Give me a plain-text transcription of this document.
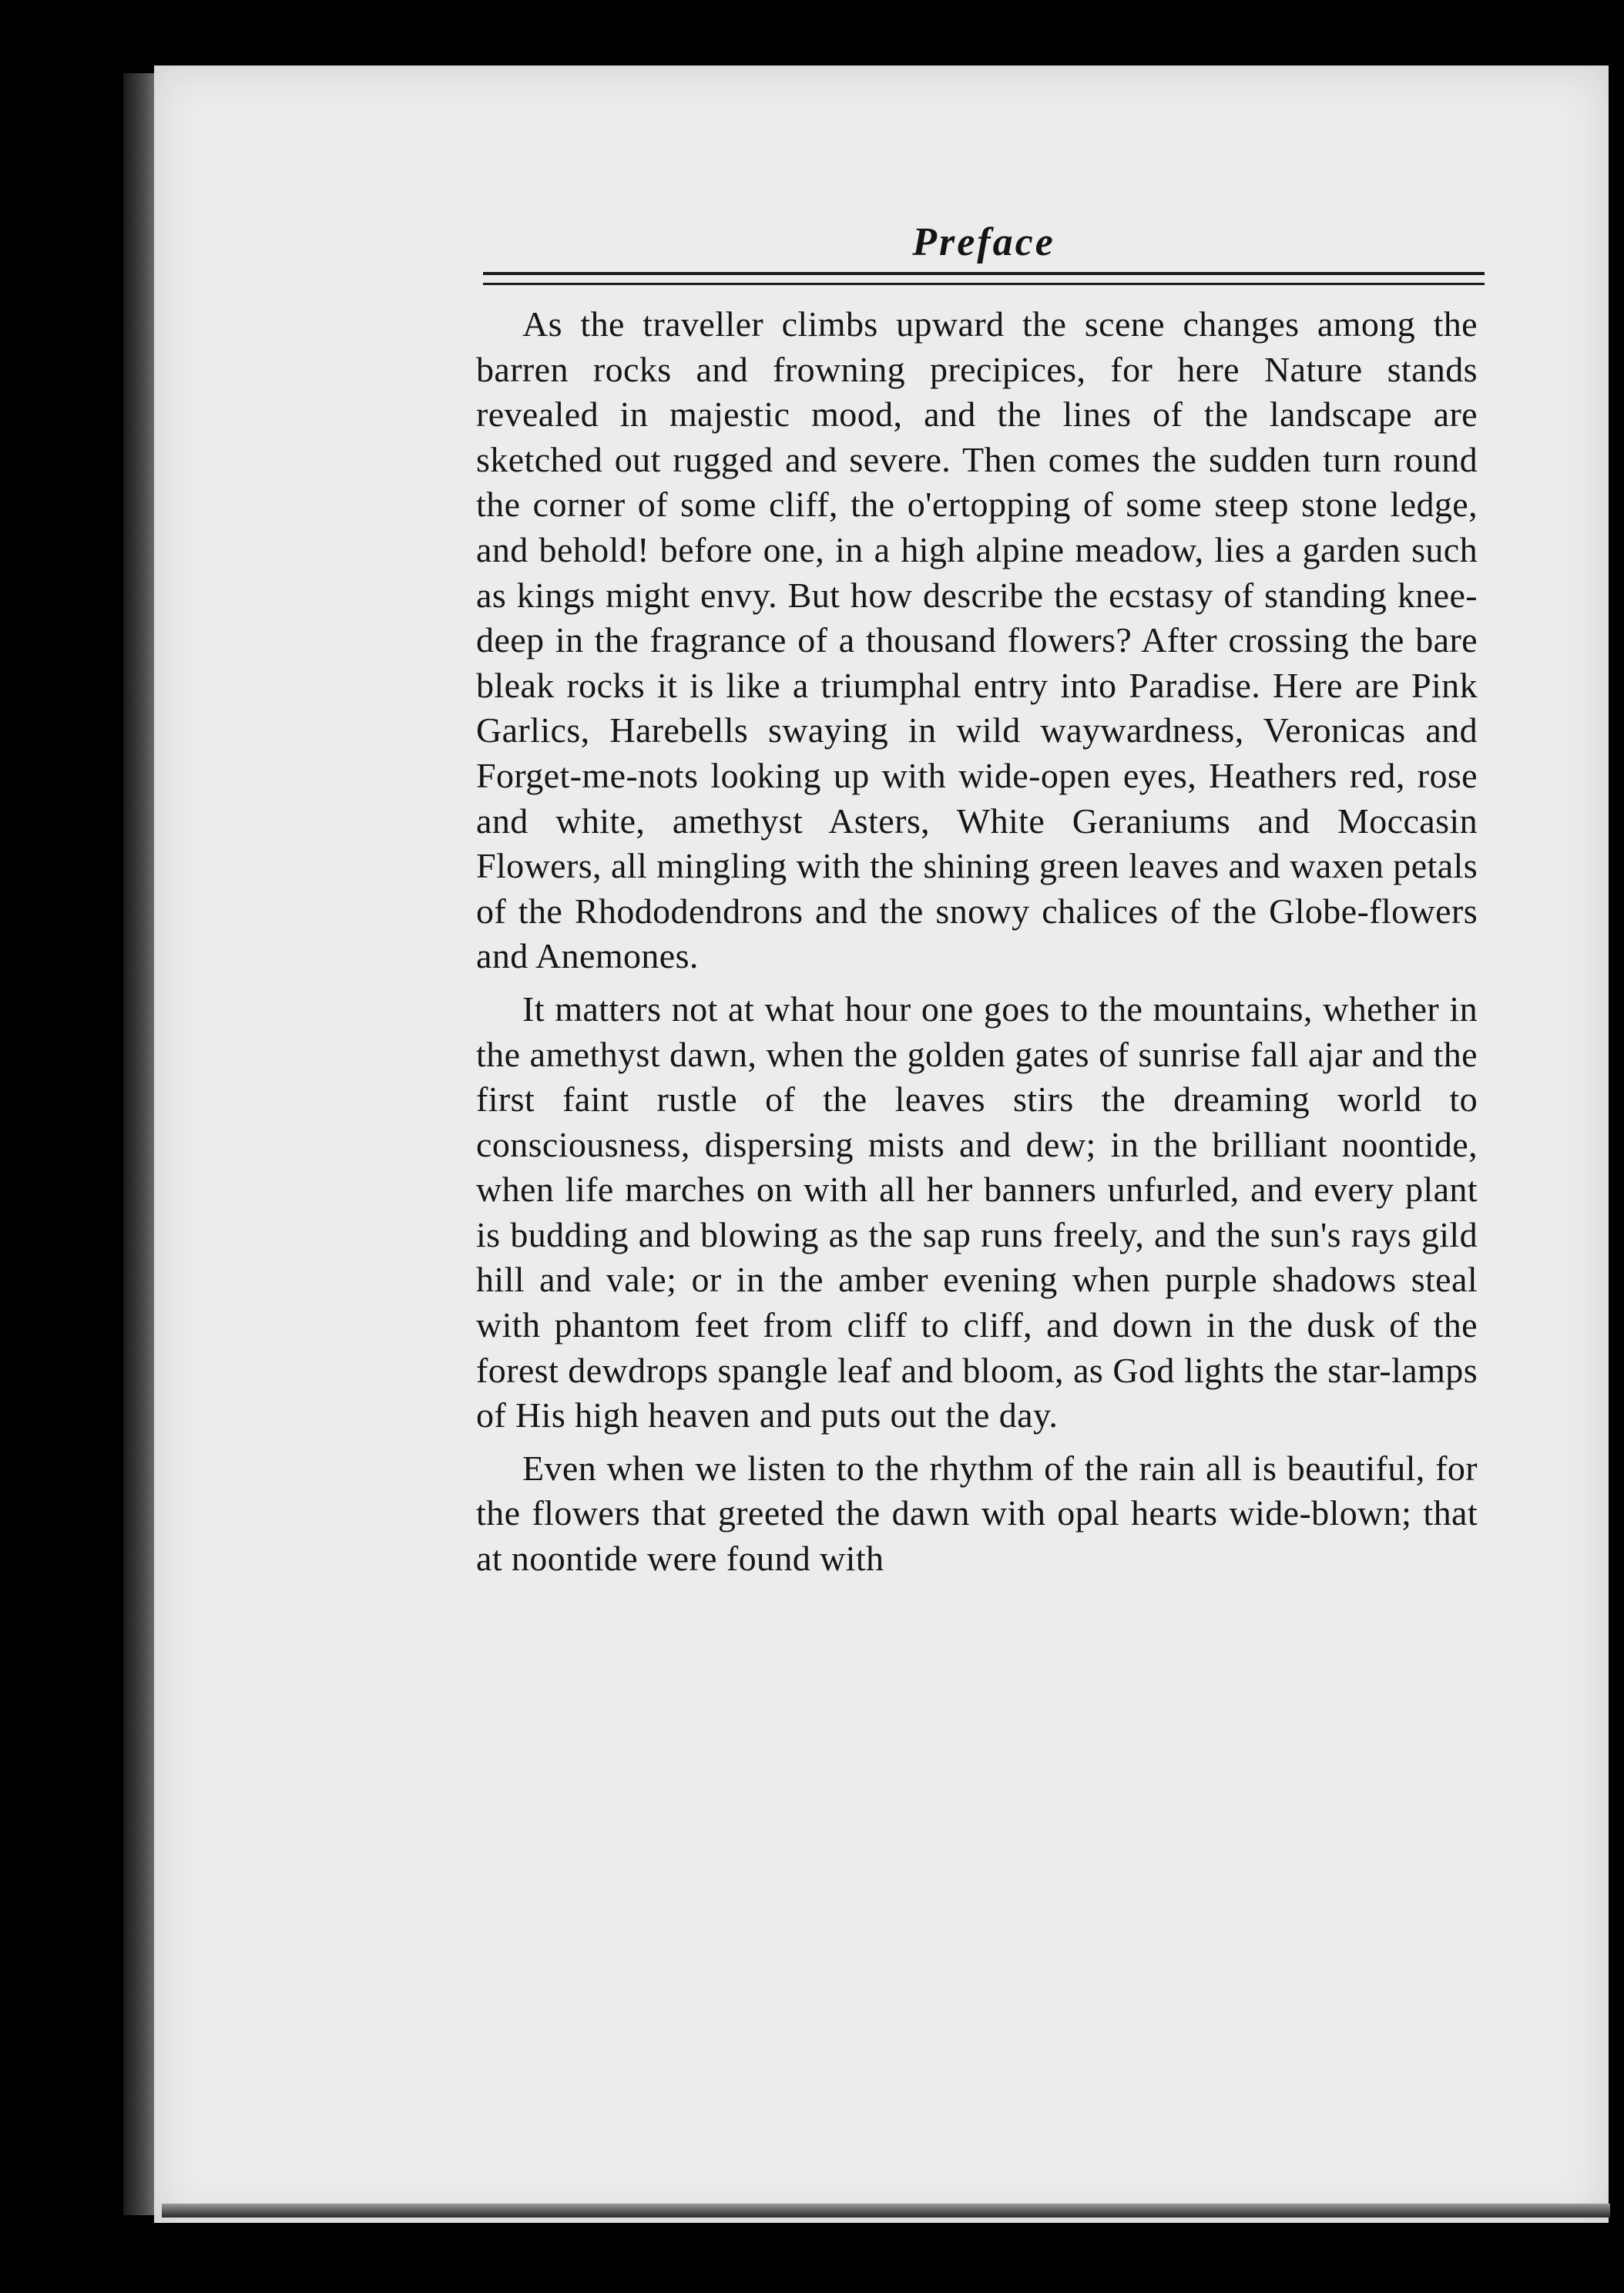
Preface

As the traveller climbs upward the scene changes among the barren rocks and frowning precipices, for here Nature stands revealed in majestic mood, and the lines of the landscape are sketched out rugged and severe. Then comes the sudden turn round the corner of some cliff, the o'ertopping of some steep stone ledge, and behold! before one, in a high alpine meadow, lies a garden such as kings might envy. But how describe the ecstasy of standing knee-deep in the fragrance of a thousand flowers? After crossing the bare bleak rocks it is like a triumphal entry into Paradise. Here are Pink Garlics, Harebells swaying in wild waywardness, Veronicas and Forget-me-nots looking up with wide-open eyes, Heathers red, rose and white, amethyst Asters, White Geraniums and Moccasin Flowers, all mingling with the shining green leaves and waxen petals of the Rhododendrons and the snowy chalices of the Globe-flowers and Anemones.

It matters not at what hour one goes to the mountains, whether in the amethyst dawn, when the golden gates of sunrise fall ajar and the first faint rustle of the leaves stirs the dreaming world to consciousness, dispersing mists and dew; in the brilliant noontide, when life marches on with all her banners unfurled, and every plant is budding and blowing as the sap runs freely, and the sun's rays gild hill and vale; or in the amber evening when purple shadows steal with phantom feet from cliff to cliff, and down in the dusk of the forest dewdrops spangle leaf and bloom, as God lights the star-lamps of His high heaven and puts out the day.

Even when we listen to the rhythm of the rain all is beautiful, for the flowers that greeted the dawn with opal hearts wide-blown; that at noontide were found with
